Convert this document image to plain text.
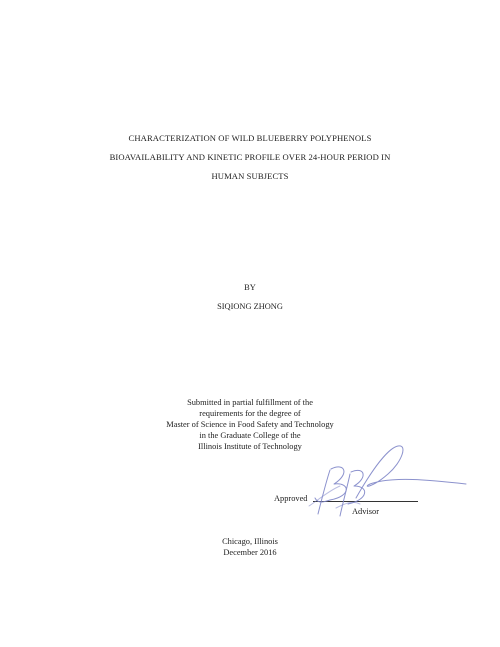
CHARACTERIZATION OF WILD BLUEBERRY POLYPHENOLS
BIOAVAILABILITY AND KINETIC PROFILE OVER 24-HOUR PERIOD IN
HUMAN SUBJECTS
BY
SIQIONG ZHONG
Submitted in partial fulfillment of the
requirements for the degree of
Master of Science in Food Safety and Technology
in the Graduate College of the
Illinois Institute of Technology
Approved
Advisor
Chicago, Illinois
December 2016
